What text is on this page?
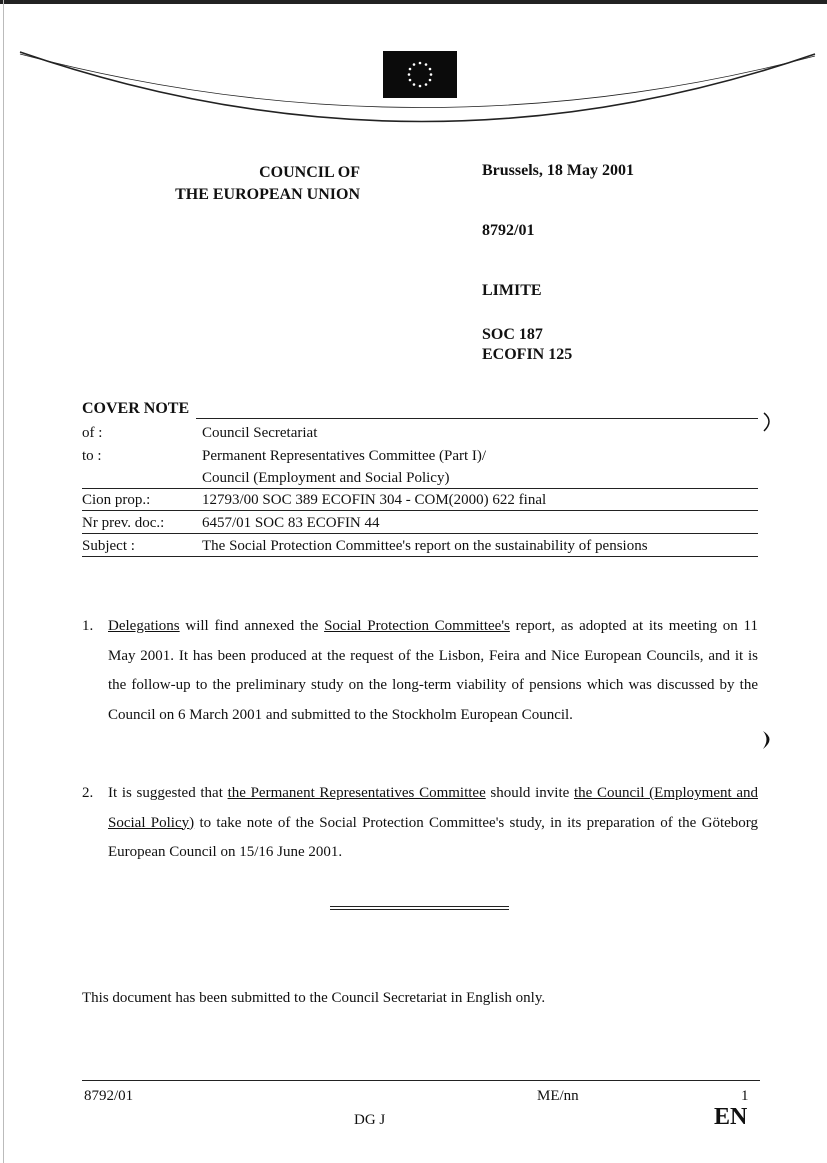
COUNCIL OF
THE EUROPEAN UNION
Brussels, 18 May 2001
8792/01
LIMITE
SOC 187
ECOFIN 125
COVER NOTE
of :	Council Secretariat
to :	Permanent Representatives Committee (Part I)/
Council (Employment and Social Policy)
Cion prop.:	12793/00 SOC 389 ECOFIN 304 - COM(2000) 622 final
Nr prev. doc.:	6457/01 SOC 83 ECOFIN 44
Subject :	The Social Protection Committee's report on the sustainability of pensions
1. Delegations will find annexed the Social Protection Committee's report, as adopted at its meeting on 11 May 2001. It has been produced at the request of the Lisbon, Feira and Nice European Councils, and it is the follow-up to the preliminary study on the long-term viability of pensions which was discussed by the Council on 6 March 2001 and submitted to the Stockholm European Council.
2. It is suggested that the Permanent Representatives Committee should invite the Council (Employment and Social Policy) to take note of the Social Protection Committee's study, in its preparation of the Göteborg European Council on 15/16 June 2001.
This document has been submitted to the Council Secretariat in English only.
8792/01	ME/nn	1
DG J	EN
